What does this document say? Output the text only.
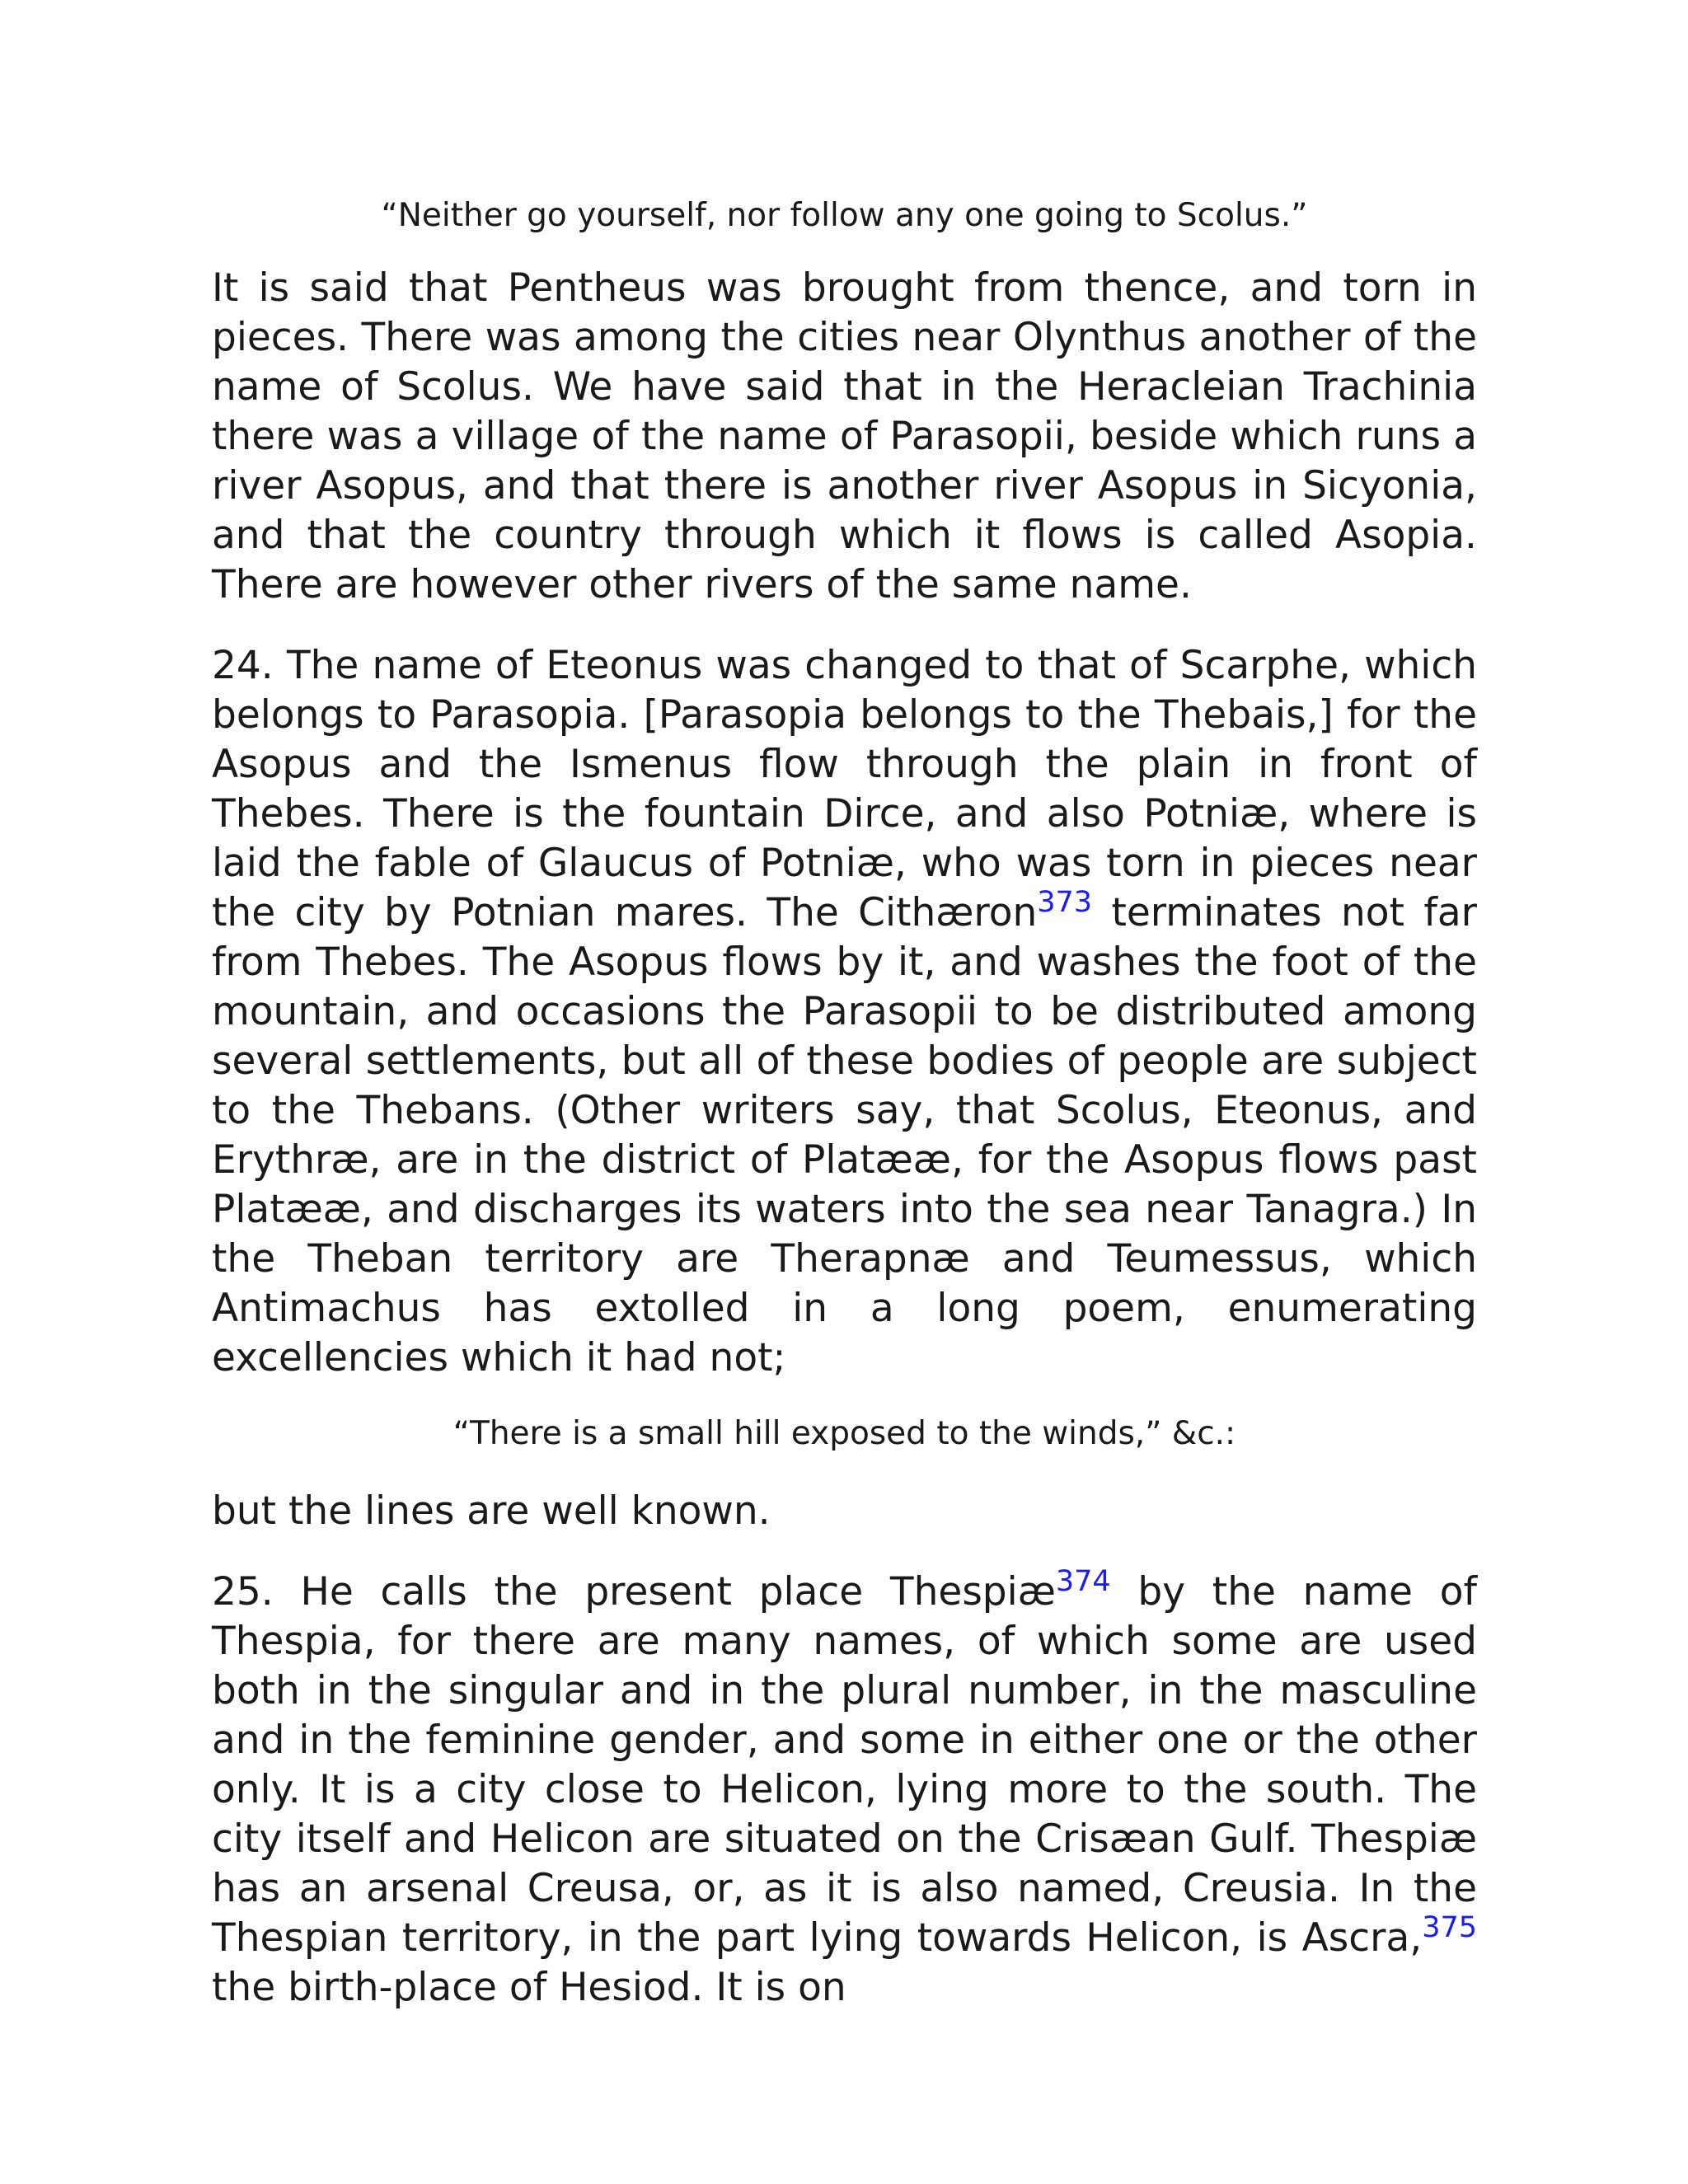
“Neither go yourself, nor follow any one going to Scolus.”

It is said that Pentheus was brought from thence, and torn in pieces. There was among the cities near Olynthus another of the name of Scolus. We have said that in the Heracleian Trachinia there was a village of the name of Parasopii, beside which runs a river Asopus, and that there is another river Asopus in Sicyonia, and that the country through which it flows is called Asopia. There are however other rivers of the same name.

24. The name of Eteonus was changed to that of Scarphe, which belongs to Parasopia. [Parasopia belongs to the Thebais,] for the Asopus and the Ismenus flow through the plain in front of Thebes. There is the fountain Dirce, and also Potniæ, where is laid the fable of Glaucus of Potniæ, who was torn in pieces near the city by Potnian mares. The Cithæron$^{373}$ terminates not far from Thebes. The Asopus flows by it, and washes the foot of the mountain, and occasions the Parasopii to be distributed among several settlements, but all of these bodies of people are subject to the Thebans. (Other writers say, that Scolus, Eteonus, and Erythræ, are in the district of Platææ, for the Asopus flows past Platææ, and discharges its waters into the sea near Tanagra.) In the Theban territory are Therapnæ and Teumessus, which Antimachus has extolled in a long poem, enumerating excellencies which it had not;

“There is a small hill exposed to the winds,” &c.:

but the lines are well known.

25. He calls the present place Thespiæ$^{374}$ by the name of Thespia, for there are many names, of which some are used both in the singular and in the plural number, in the masculine and in the feminine gender, and some in either one or the other only. It is a city close to Helicon, lying more to the south. The city itself and Helicon are situated on the Crisæan Gulf. Thespiæ has an arsenal Creusa, or, as it is also named, Creusia. In the Thespian territory, in the part lying towards Helicon, is Ascra,$^{375}$ the birth-place of Hesiod. It is on
